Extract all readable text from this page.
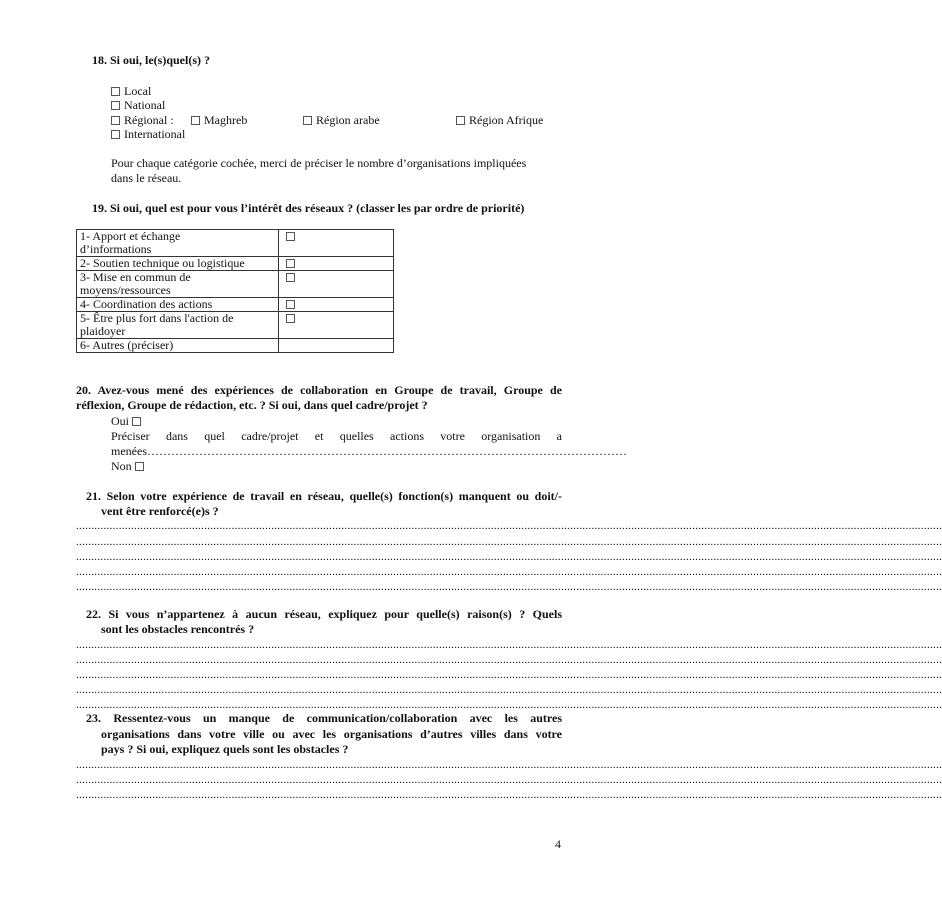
18. Si oui, le(s)quel(s) ?
Local
National
Régional :	Maghreb	Région arabe	Région Afrique
International
Pour chaque catégorie cochée, merci de préciser le nombre d’organisations impliquées
dans le réseau.
19. Si oui, quel est pour vous l’intérêt des réseaux ? (classer les par ordre de priorité)
1- Apport et échange
d’informations	

2- Soutien technique ou logistique	

3- Mise en commun de
moyens/ressources	

4- Coordination des actions	

5- Être plus fort dans l'action de
plaidoyer	

6- Autres (préciser)	

20. Avez-vous mené des expériences de collaboration en Groupe de travail, Groupe de
réflexion, Groupe de rédaction, etc. ? Si oui, dans quel cadre/projet ?
Oui
Préciser dans quel cadre/projet et quelles actions votre organisation a
menées…………………………………………………………………………………………………………
Non
21. Selon votre expérience de travail en réseau, quelle(s) fonction(s) manquent ou doit/-
vent être renforcé(e)s ?
............................................................................................................................................................................................................................................................................................
............................................................................................................................................................................................................................................................................................
............................................................................................................................................................................................................................................................................................
............................................................................................................................................................................................................................................................................................
............................................................................................................................................................................................................................................................................................
22. Si vous n’appartenez à aucun réseau, expliquez pour quelle(s) raison(s) ? Quels
sont les obstacles rencontrés ?
............................................................................................................................................................................................................................................................................................
............................................................................................................................................................................................................................................................................................
............................................................................................................................................................................................................................................................................................
............................................................................................................................................................................................................................................................................................
............................................................................................................................................................................................................................................................................................
23. Ressentez-vous un manque de communication/collaboration avec les autres
organisations dans votre ville ou avec les organisations d’autres villes dans votre
pays ? Si oui, expliquez quels sont les obstacles ?
............................................................................................................................................................................................................................................................................................
............................................................................................................................................................................................................................................................................................
............................................................................................................................................................................................................................................................................................
4
